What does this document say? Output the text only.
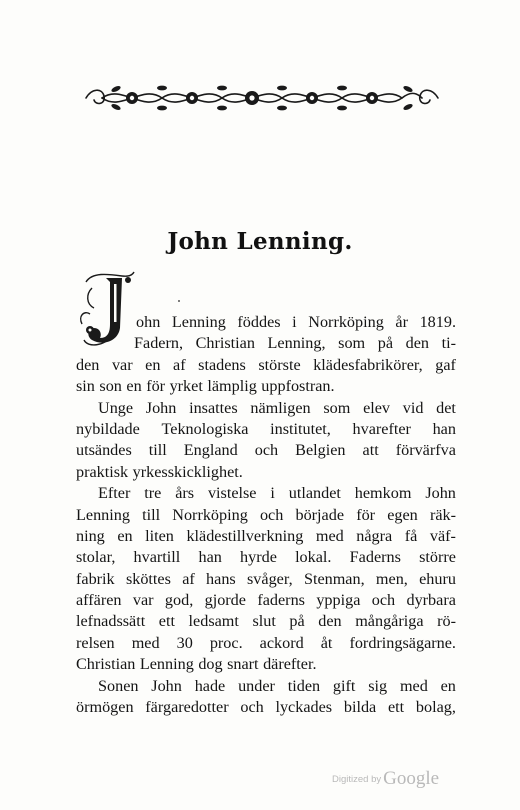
John Lenning.
J
ohn Lenning föddes i Norrköping år 1819.
Fadern, Christian Lenning, som på den ti-
den var en af stadens störste klädesfabrikörer, gaf
sin son en för yrket lämplig uppfostran.
Unge John insattes nämligen som elev vid det
nybildade Teknologiska institutet, hvarefter han
utsändes till England och Belgien att förvärfva
praktisk yrkesskicklighet.
Efter tre års vistelse i utlandet hemkom John
Lenning till Norrköping och började för egen räk-
ning en liten klädestillverkning med några få väf-
stolar, hvartill han hyrde lokal. Faderns större
fabrik sköttes af hans svåger, Stenman, men, ehuru
affären var god, gjorde faderns yppiga och dyrbara
lefnadssätt ett ledsamt slut på den mångåriga rö-
relsen med 30 proc. ackord åt fordringsägarne.
Christian Lenning dog snart därefter.
Sonen John hade under tiden gift sig med en
örmögen färgaredotter och lyckades bilda ett bolag,
Digitized by Google
